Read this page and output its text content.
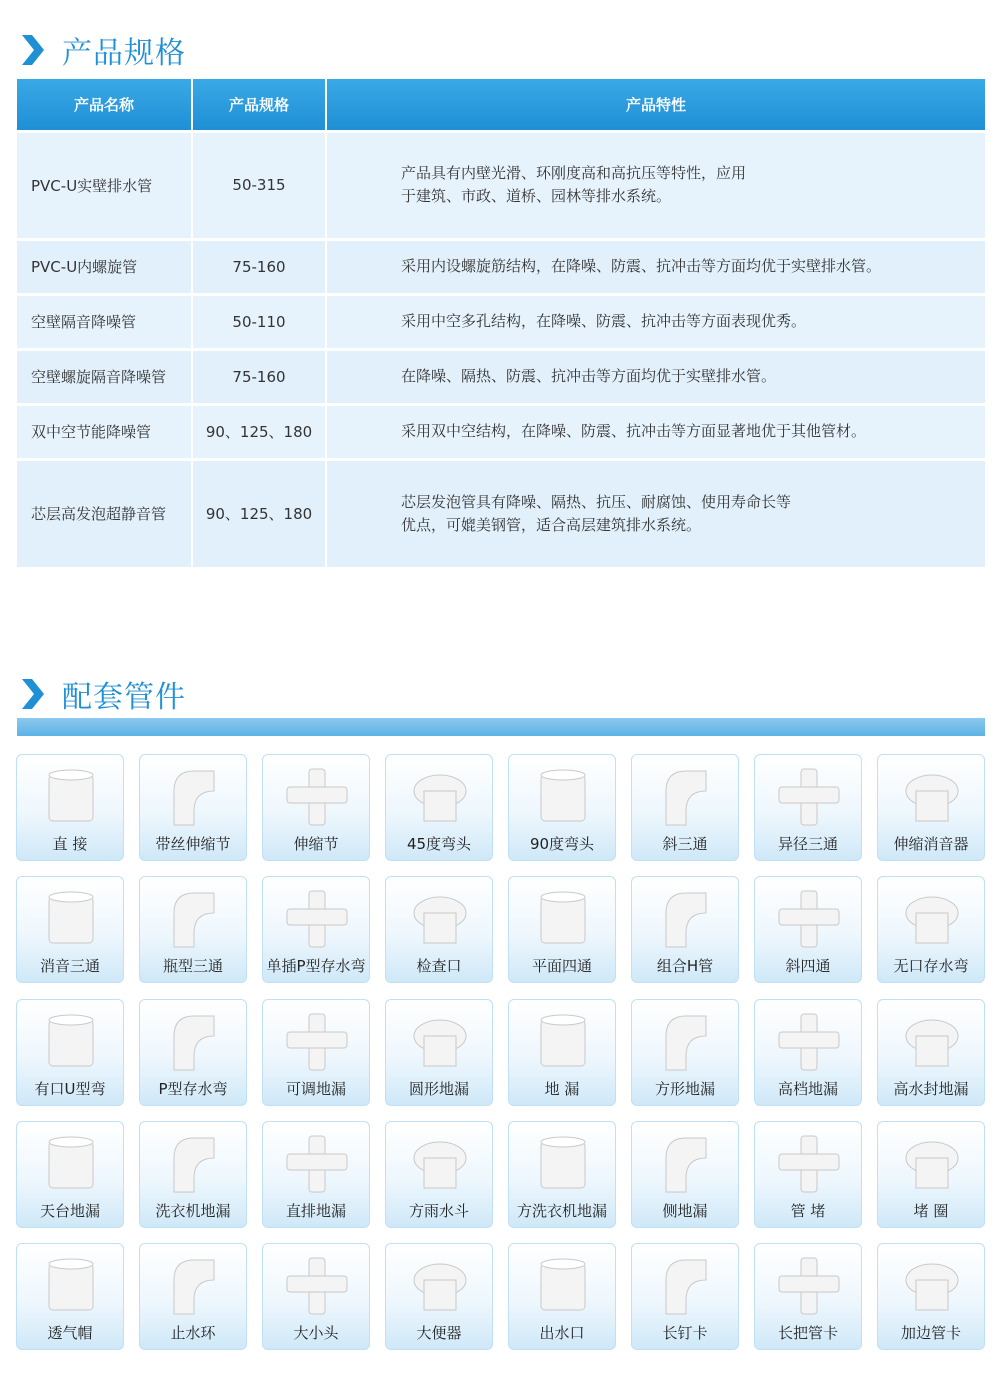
产品规格
产品名称	产品规格	产品特性
PVC-U实壁排水管	50-315	产品具有内壁光滑、环刚度高和高抗压等特性，应用
于建筑、市政、道桥、园林等排水系统。

PVC-U内螺旋管	75-160	采用内设螺旋筋结构，在降噪、防震、抗冲击等方面均优于实壁排水管。
空壁隔音降噪管	50-110	采用中空多孔结构，在降噪、防震、抗冲击等方面表现优秀。
空壁螺旋隔音降噪管	75-160	在降噪、隔热、防震、抗冲击等方面均优于实壁排水管。
双中空节能降噪管	90、125、180	采用双中空结构，在降噪、防震、抗冲击等方面显著地优于其他管材。
芯层高发泡超静音管	90、125、180	芯层发泡管具有降噪、隔热、抗压、耐腐蚀、使用寿命长等
优点，可媲美钢管，适合高层建筑排水系统。
配套管件
直 接	带丝伸缩节	伸缩节	45度弯头	90度弯头	斜三通	异径三通	伸缩消音器
消音三通	瓶型三通	单插P型存水弯	检查口	平面四通	组合H管	斜四通	无口存水弯
有口U型弯	P型存水弯	可调地漏	圆形地漏	地 漏	方形地漏	高档地漏	高水封地漏
天台地漏	洗衣机地漏	直排地漏	方雨水斗	方洗衣机地漏	侧地漏	管 堵	堵 圈
透气帽	止水环	大小头	大便器	出水口	长钉卡	长把管卡	加边管卡
